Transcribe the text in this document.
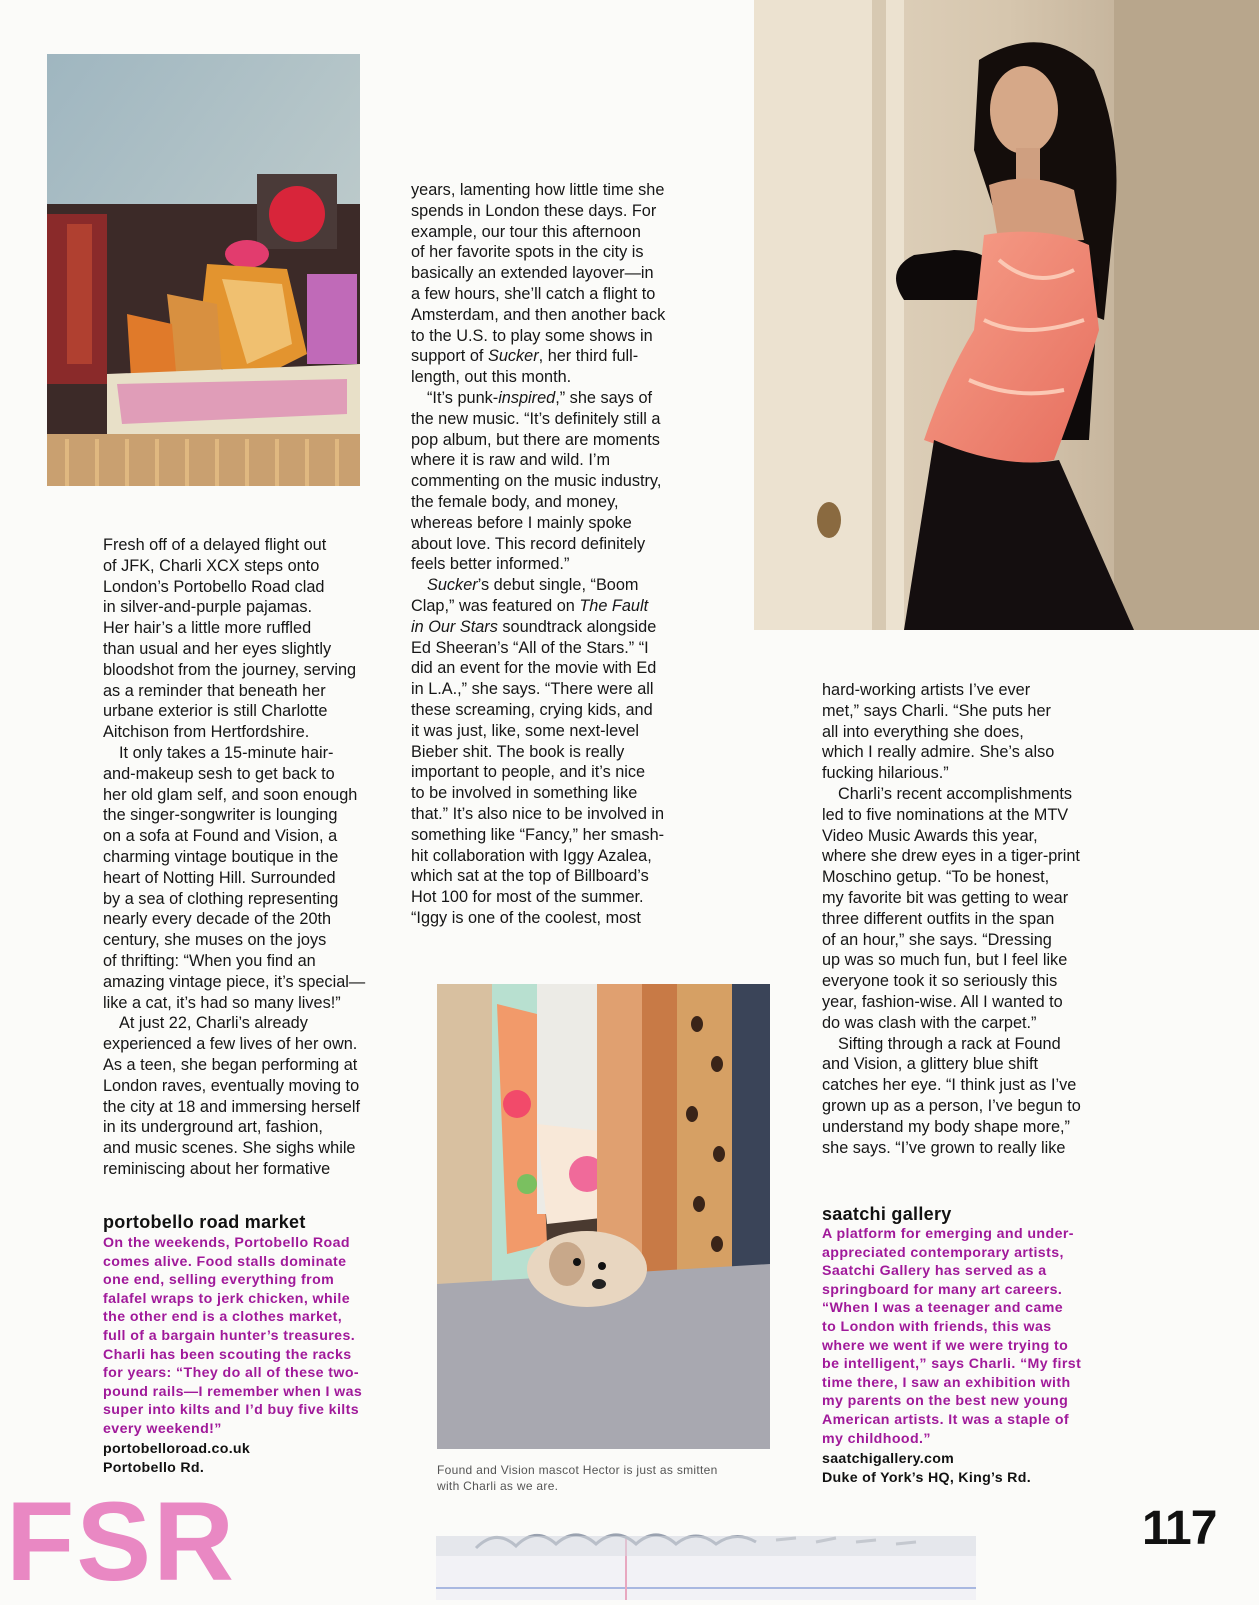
Fresh off of a delayed flight out

of JFK, Charli XCX steps onto

London’s Portobello Road clad

in silver-and-purple pajamas.

Her hair’s a little more ruffled

than usual and her eyes slightly

bloodshot from the journey, serving

as a reminder that beneath her

urbane exterior is still Charlotte

Aitchison from Hertfordshire.

It only takes a 15-minute hair-

and-makeup sesh to get back to

her old glam self, and soon enough

the singer-songwriter is lounging

on a sofa at Found and Vision, a

charming vintage boutique in the

heart of Notting Hill. Surrounded

by a sea of clothing representing

nearly every decade of the 20th

century, she muses on the joys

of thrifting: “When you find an

amazing vintage piece, it’s special—

like a cat, it’s had so many lives!”

At just 22, Charli’s already

experienced a few lives of her own.

As a teen, she began performing at

London raves, eventually moving to

the city at 18 and immersing herself

in its underground art, fashion,

and music scenes. She sighs while

reminiscing about her formative

years, lamenting how little time she

spends in London these days. For

example, our tour this afternoon

of her favorite spots in the city is

basically an extended layover—in

a few hours, she’ll catch a flight to

Amsterdam, and then another back

to the U.S. to play some shows in

support of Sucker, her third full-

length, out this month.

“It’s punk-inspired,” she says of

the new music. “It’s definitely still a

pop album, but there are moments

where it is raw and wild. I’m

commenting on the music industry,

the female body, and money,

whereas before I mainly spoke

about love. This record definitely

feels better informed.”

Sucker’s debut single, “Boom

Clap,” was featured on The Fault

in Our Stars soundtrack alongside

Ed Sheeran’s “All of the Stars.” “I

did an event for the movie with Ed

in L.A.,” she says. “There were all

these screaming, crying kids, and

it was just, like, some next-level

Bieber shit. The book is really

important to people, and it’s nice

to be involved in something like

that.” It’s also nice to be involved in

something like “Fancy,” her smash-

hit collaboration with Iggy Azalea,

which sat at the top of Billboard’s

Hot 100 for most of the summer.

“Iggy is one of the coolest, most

hard-working artists I’ve ever

met,” says Charli. “She puts her

all into everything she does,

which I really admire. She’s also

fucking hilarious.”

Charli’s recent accomplishments

led to five nominations at the MTV

Video Music Awards this year,

where she drew eyes in a tiger-print

Moschino getup. “To be honest,

my favorite bit was getting to wear

three different outfits in the span

of an hour,” she says. “Dressing

up was so much fun, but I feel like

everyone took it so seriously this

year, fashion-wise. All I wanted to

do was clash with the carpet.”

Sifting through a rack at Found

and Vision, a glittery blue shift

catches her eye. “I think just as I’ve

grown up as a person, I’ve begun to

understand my body shape more,”

she says. “I’ve grown to really like

portobello road market

On the weekends, Portobello Road

comes alive. Food stalls dominate

one end, selling everything from

falafel wraps to jerk chicken, while

the other end is a clothes market,

full of a bargain hunter’s treasures.

Charli has been scouting the racks

for years: “They do all of these two-

pound rails—I remember when I was

super into kilts and I’d buy five kilts

every weekend!”

portobelloroad.co.uk
Portobello Rd.
saatchi gallery

A platform for emerging and under-

appreciated contemporary artists,

Saatchi Gallery has served as a

springboard for many art careers.

“When I was a teenager and came

to London with friends, this was

where we went if we were trying to

be intelligent,” says Charli. “My first

time there, I saw an exhibition with

my parents on the best new young

American artists. It was a staple of

my childhood.”

saatchigallery.com
Duke of York’s HQ, King’s Rd.

Found and Vision mascot Hector is just as smitten

with Charli as we are.

FSR	117
